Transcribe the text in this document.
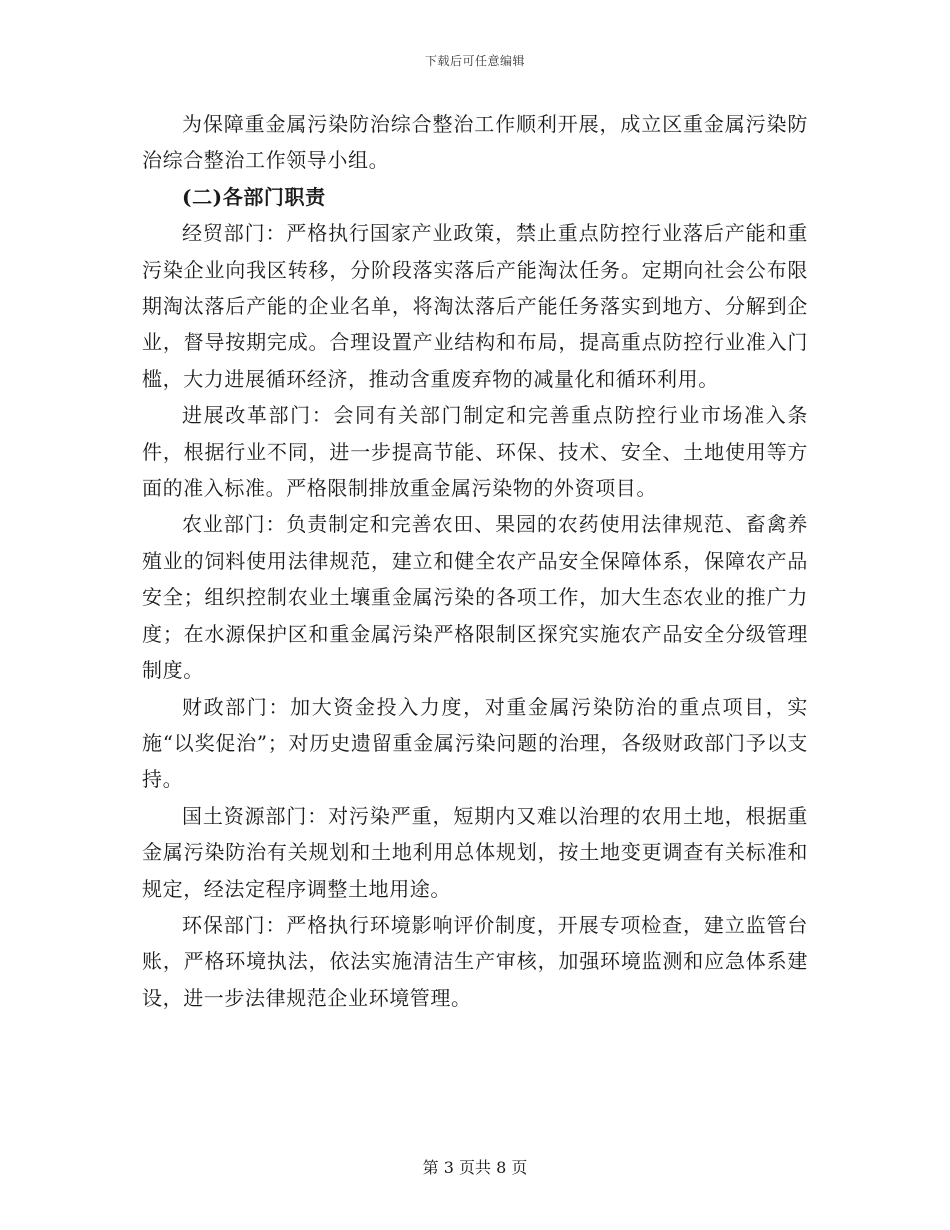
下载后可任意编辑

为保障重金属污染防治综合整治工作顺利开展，成立区重金属污染防治综合整治工作领导小组。

(二)各部门职责

经贸部门：严格执行国家产业政策，禁止重点防控行业落后产能和重污染企业向我区转移，分阶段落实落后产能淘汰任务。定期向社会公布限期淘汰落后产能的企业名单，将淘汰落后产能任务落实到地方、分解到企业，督导按期完成。合理设置产业结构和布局，提高重点防控行业准入门槛，大力进展循环经济，推动含重废弃物的减量化和循环利用。

进展改革部门：会同有关部门制定和完善重点防控行业市场准入条件，根据行业不同，进一步提高节能、环保、技术、安全、土地使用等方面的准入标准。严格限制排放重金属污染物的外资项目。

农业部门：负责制定和完善农田、果园的农药使用法律规范、畜禽养殖业的饲料使用法律规范，建立和健全农产品安全保障体系，保障农产品安全；组织控制农业土壤重金属污染的各项工作，加大生态农业的推广力度；在水源保护区和重金属污染严格限制区探究实施农产品安全分级管理制度。

财政部门：加大资金投入力度，对重金属污染防治的重点项目，实施“以奖促治”；对历史遗留重金属污染问题的治理，各级财政部门予以支持。

国土资源部门：对污染严重，短期内又难以治理的农用土地，根据重金属污染防治有关规划和土地利用总体规划，按土地变更调查有关标准和规定，经法定程序调整土地用途。

环保部门：严格执行环境影响评价制度，开展专项检查，建立监管台账，严格环境执法，依法实施清洁生产审核，加强环境监测和应急体系建设，进一步法律规范企业环境管理。

第 3 页共 8 页
